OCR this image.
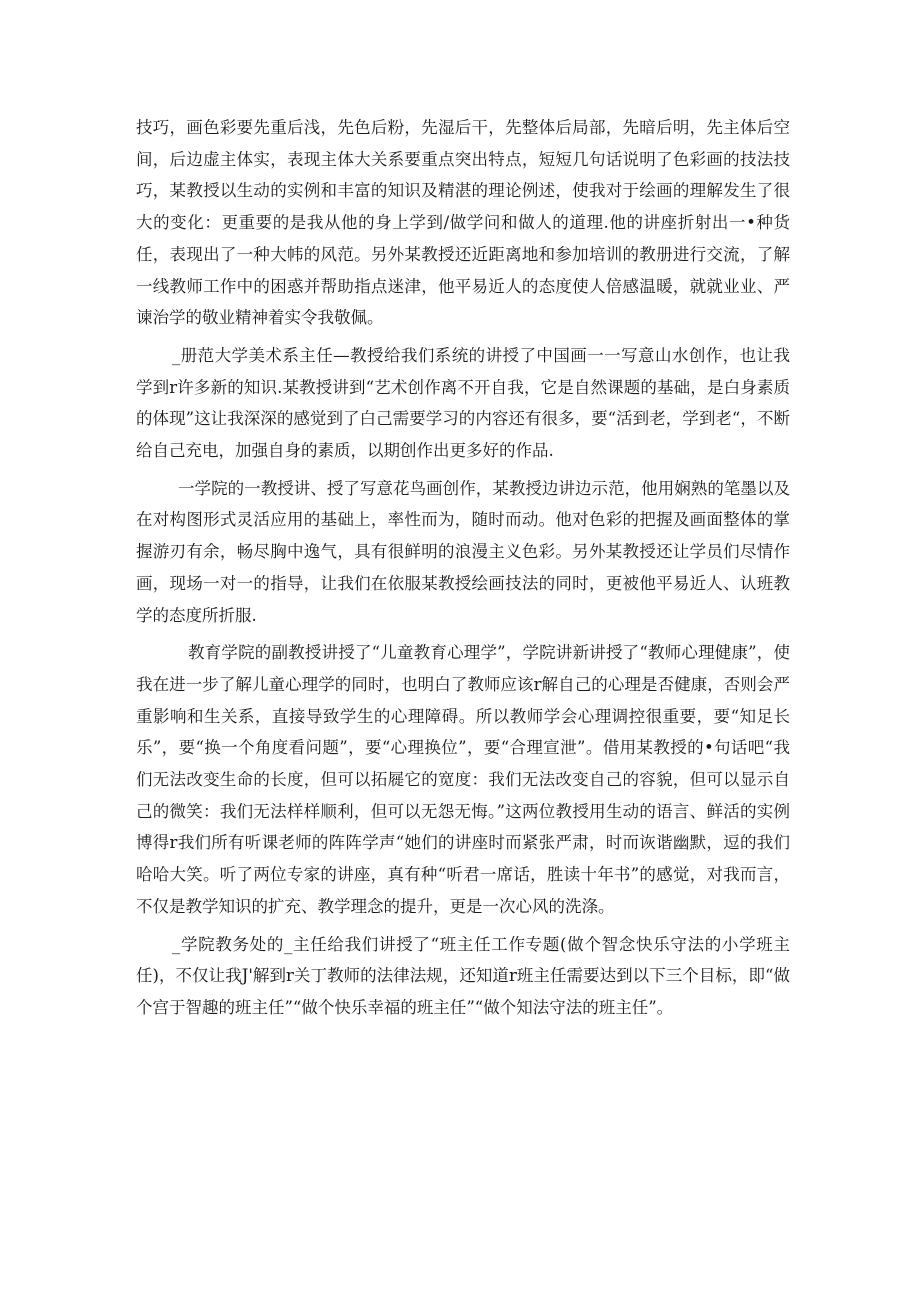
技巧，画色彩要先重后浅，先色后粉，先湿后干，先整体后局部，先暗后明，先主体后空间，后边虚主体实，表现主体大关系要重点突出特点，短短几句话说明了色彩画的技法技巧，某教授以生动的实例和丰富的知识及精湛的理论例述，使我对于绘画的理解发生了很大的变化：更重要的是我从他的身上学到/做学问和做人的道理.他的讲座折射出一•种货任，表现出了一种大帏的风范。另外某教授还近距离地和参加培训的教册进行交流，了解一线教师工作中的困惑并帮助指点迷津，他平易近人的态度使人倍感温暖，就就业业、严谏治学的敬业精神着实令我敬佩。

_册范大学美术系主任—教授给我们系统的讲授了中国画一一写意山水创作，也让我学到r许多新的知识.某教授讲到“艺术创作离不开自我，它是自然课题的基础，是白身素质的体现”这让我深深的感觉到了白己需要学习的内容还有很多，要“活到老，学到老“，不断给自己充电，加强自身的素质，以期创作出更多好的作品.

一学院的一教授讲、授了写意花鸟画创作，某教授边讲边示范，他用娴熟的笔墨以及在对构图形式灵活应用的基础上，率性而为，随时而动。他对色彩的把握及画面整体的掌握游刃有余，畅尽胸中逸气，具有很鲜明的浪漫主义色彩。另外某教授还让学员们尽情作画，现场一对一的指导，让我们在依服某教授绘画技法的同时，更被他平易近人、认班教学的态度所折服.

教育学院的副教授讲授了“儿童教育心理学”，学院讲新讲授了“教师心理健康”，使我在进一步了解儿童心理学的同时，也明白了教师应该r解自己的心理是否健康，否则会严重影响和生关系，直接导致学生的心理障碍。所以教师学会心理调控很重要，要“知足长乐”，要“换一个角度看问题”，要“心理换位”，要“合理宣泄”。借用某教授的•句话吧“我们无法改变生命的长度，但可以拓屣它的宽度：我们无法改变自己的容貌，但可以显示自己的微笑：我们无法样样顺利，但可以无怨无悔。”这两位教授用生动的语言、鲜活的实例博得r我们所有听课老师的阵阵学声“她们的讲座时而紧张严肃，时而诙谐幽默，逗的我们哈哈大笑。听了两位专家的讲座，真有种“听君一席话，胜读十年书”的感觉，对我而言，不仅是教学知识的扩充、教学理念的提升，更是一次心风的洗涤。

_学院教务处的_主任给我们讲授了“班主任工作专题(做个智念快乐守法的小学班主任)，不仅让我J'解到r关丁教师的法律法规，还知道r班主任需要达到以下三个目标，即“做个宫于智趣的班主任”“做个快乐幸福的班主任”“做个知法守法的班主任”。
